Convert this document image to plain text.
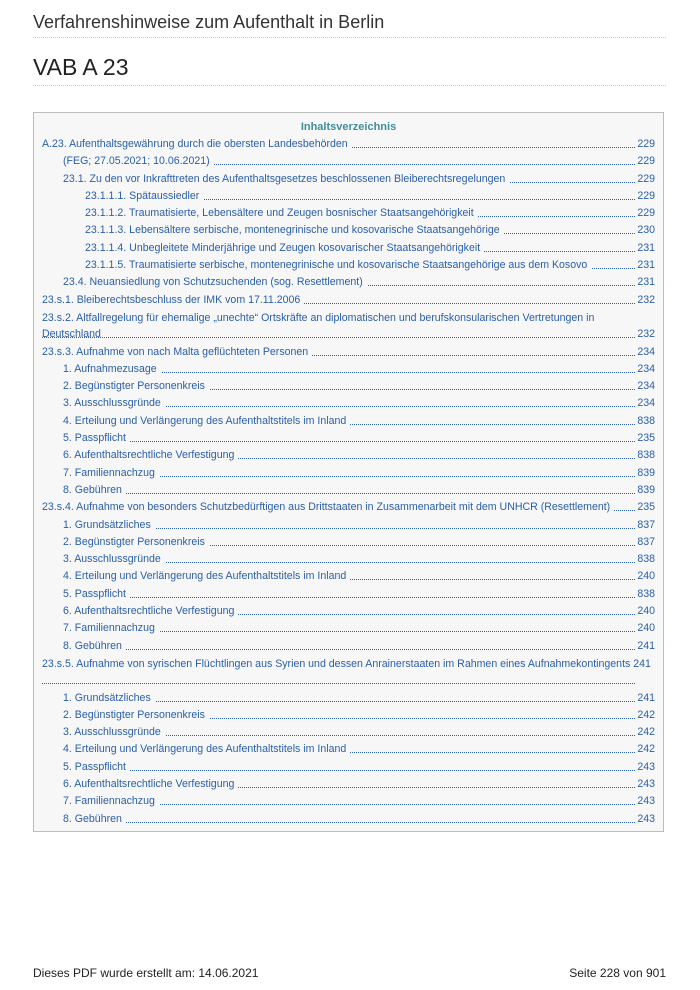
Verfahrenshinweise zum Aufenthalt in Berlin
VAB A 23
Inhaltsverzeichnis
A.23. Aufenthaltsgewährung durch die obersten Landesbehörden	229
(FEG; 27.05.2021; 10.06.2021)	229
23.1. Zu den vor Inkrafttreten des Aufenthaltsgesetzes beschlossenen Bleiberechtsregelungen	229
23.1.1.1. Spätaussiedler	229
23.1.1.2. Traumatisierte, Lebensältere und Zeugen bosnischer Staatsangehörigkeit	229
23.1.1.3. Lebensältere serbische, montenegrinische und kosovarische Staatsangehörige	230
23.1.1.4. Unbegleitete Minderjährige und Zeugen kosovarischer Staatsangehörigkeit	231
23.1.1.5. Traumatisierte serbische, montenegrinische und kosovarische Staatsangehörige aus dem Kosovo	231
23.4. Neuansiedlung von Schutzsuchenden (sog. Resettlement)	231
23.s.1. Bleiberechtsbeschluss der IMK vom 17.11.2006	232
23.s.2. Altfallregelung für ehemalige „unechte“ Ortskräfte an diplomatischen und berufskonsularischen Vertretungen in Deutschland	232
23.s.3. Aufnahme von nach Malta geflüchteten Personen	234
1. Aufnahmezusage	234
2. Begünstigter Personenkreis	234
3. Ausschlussgründe	234
4. Erteilung und Verlängerung des Aufenthaltstitels im Inland	838
5. Passpflicht	235
6. Aufenthaltsrechtliche Verfestigung	838
7. Familiennachzug	839
8. Gebühren	839
23.s.4. Aufnahme von besonders Schutzbedürftigen aus Drittstaaten in Zusammenarbeit mit dem UNHCR (Resettlement)	235
1. Grundsätzliches	837
2. Begünstigter Personenkreis	837
3. Ausschlussgründe	838
4. Erteilung und Verlängerung des Aufenthaltstitels im Inland	240
5. Passpflicht	838
6. Aufenthaltsrechtliche Verfestigung	240
7. Familiennachzug	240
8. Gebühren	241
23.s.5. Aufnahme von syrischen Flüchtlingen aus Syrien und dessen Anrainerstaaten im Rahmen eines Aufnahmekontingents 241
1. Grundsätzliches	241
2. Begünstigter Personenkreis	242
3. Ausschlussgründe	242
4. Erteilung und Verlängerung des Aufenthaltstitels im Inland	242
5. Passpflicht	243
6. Aufenthaltsrechtliche Verfestigung	243
7. Familiennachzug	243
8. Gebühren	243
Dieses PDF wurde erstellt am: 14.06.2021	Seite 228 von 901
